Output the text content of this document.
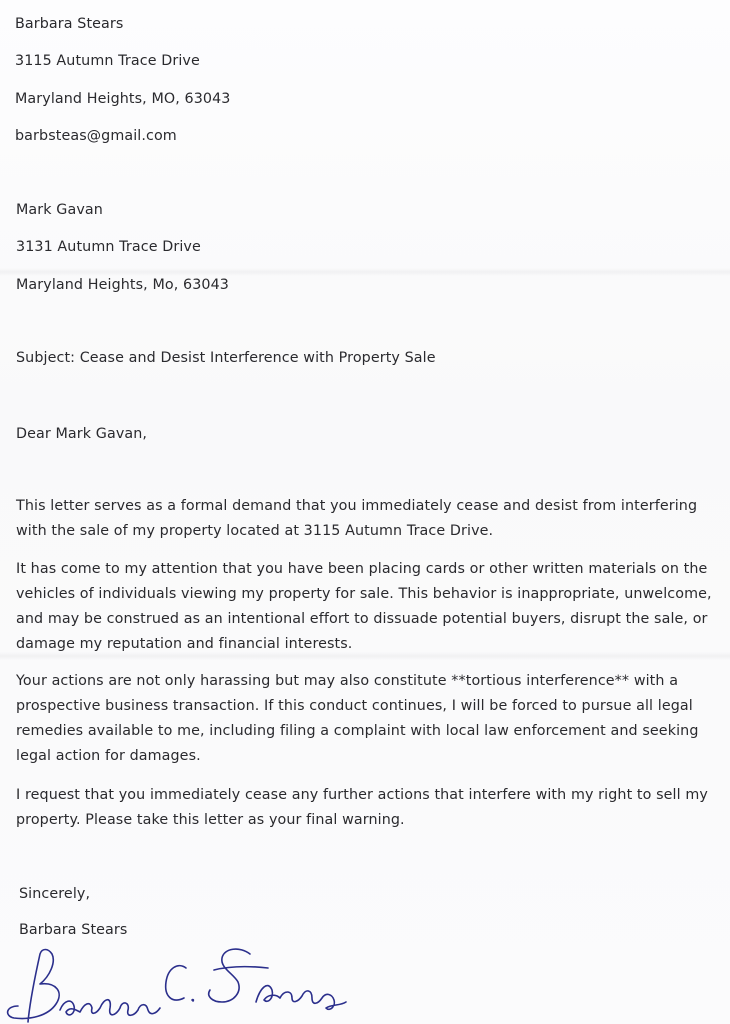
Barbara Stears
3115 Autumn Trace Drive
Maryland Heights, MO, 63043
barbsteas@gmail.com
Mark Gavan
3131 Autumn Trace Drive
Maryland Heights, Mo, 63043
Subject: Cease and Desist Interference with Property Sale
Dear Mark Gavan,
This letter serves as a formal demand that you immediately cease and desist from interfering with the sale of my property located at 3115 Autumn Trace Drive.
It has come to my attention that you have been placing cards or other written materials on the vehicles of individuals viewing my property for sale. This behavior is inappropriate, unwelcome, and may be construed as an intentional effort to dissuade potential buyers, disrupt the sale, or damage my reputation and financial interests.
Your actions are not only harassing but may also constitute **tortious interference** with a prospective business transaction. If this conduct continues, I will be forced to pursue all legal remedies available to me, including filing a complaint with local law enforcement and seeking legal action for damages.
I request that you immediately cease any further actions that interfere with my right to sell my property. Please take this letter as your final warning.
Sincerely,
Barbara Stears
